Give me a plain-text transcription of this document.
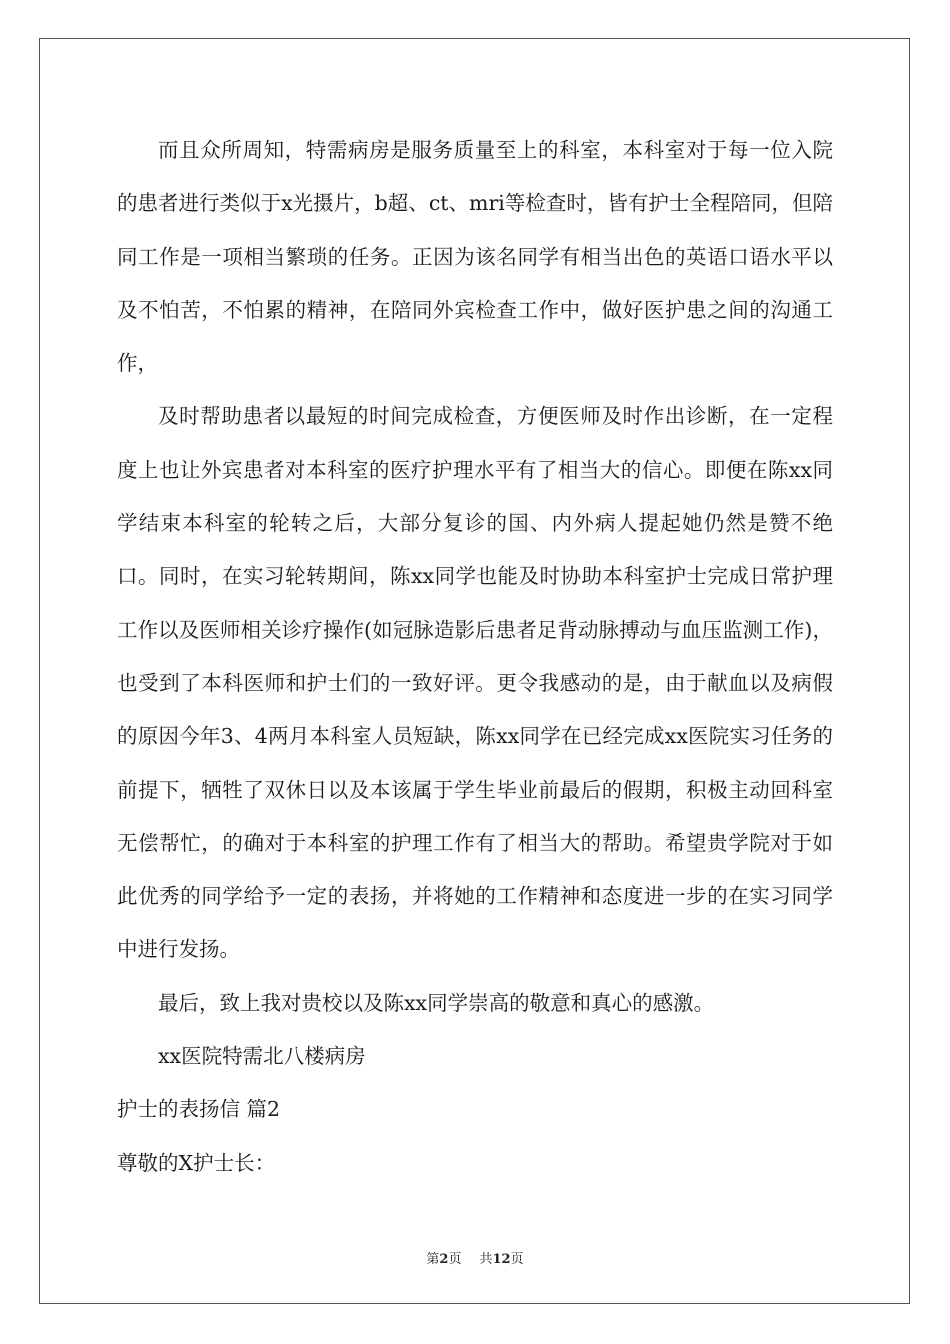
而且众所周知，特需病房是服务质量至上的科室，本科室对于每一位入院的患者进行类似于x光摄片，b超、ct、mri等检查时，皆有护士全程陪同，但陪同工作是一项相当繁琐的任务。正因为该名同学有相当出色的英语口语水平以及不怕苦，不怕累的精神，在陪同外宾检查工作中，做好医护患之间的沟通工作，

及时帮助患者以最短的时间完成检查，方便医师及时作出诊断，在一定程度上也让外宾患者对本科室的医疗护理水平有了相当大的信心。即便在陈xx同学结束本科室的轮转之后，大部分复诊的国、内外病人提起她仍然是赞不绝口。同时，在实习轮转期间，陈xx同学也能及时协助本科室护士完成日常护理工作以及医师相关诊疗操作(如冠脉造影后患者足背动脉搏动与血压监测工作)，也受到了本科医师和护士们的一致好评。更令我感动的是，由于献血以及病假的原因今年3、4两月本科室人员短缺，陈xx同学在已经完成xx医院实习任务的前提下，牺牲了双休日以及本该属于学生毕业前最后的假期，积极主动回科室无偿帮忙，的确对于本科室的护理工作有了相当大的帮助。希望贵学院对于如此优秀的同学给予一定的表扬，并将她的工作精神和态度进一步的在实习同学中进行发扬。

最后，致上我对贵校以及陈xx同学崇高的敬意和真心的感激。

xx医院特需北八楼病房

护士的表扬信 篇2

尊敬的X护士长：

第2页 共12页
